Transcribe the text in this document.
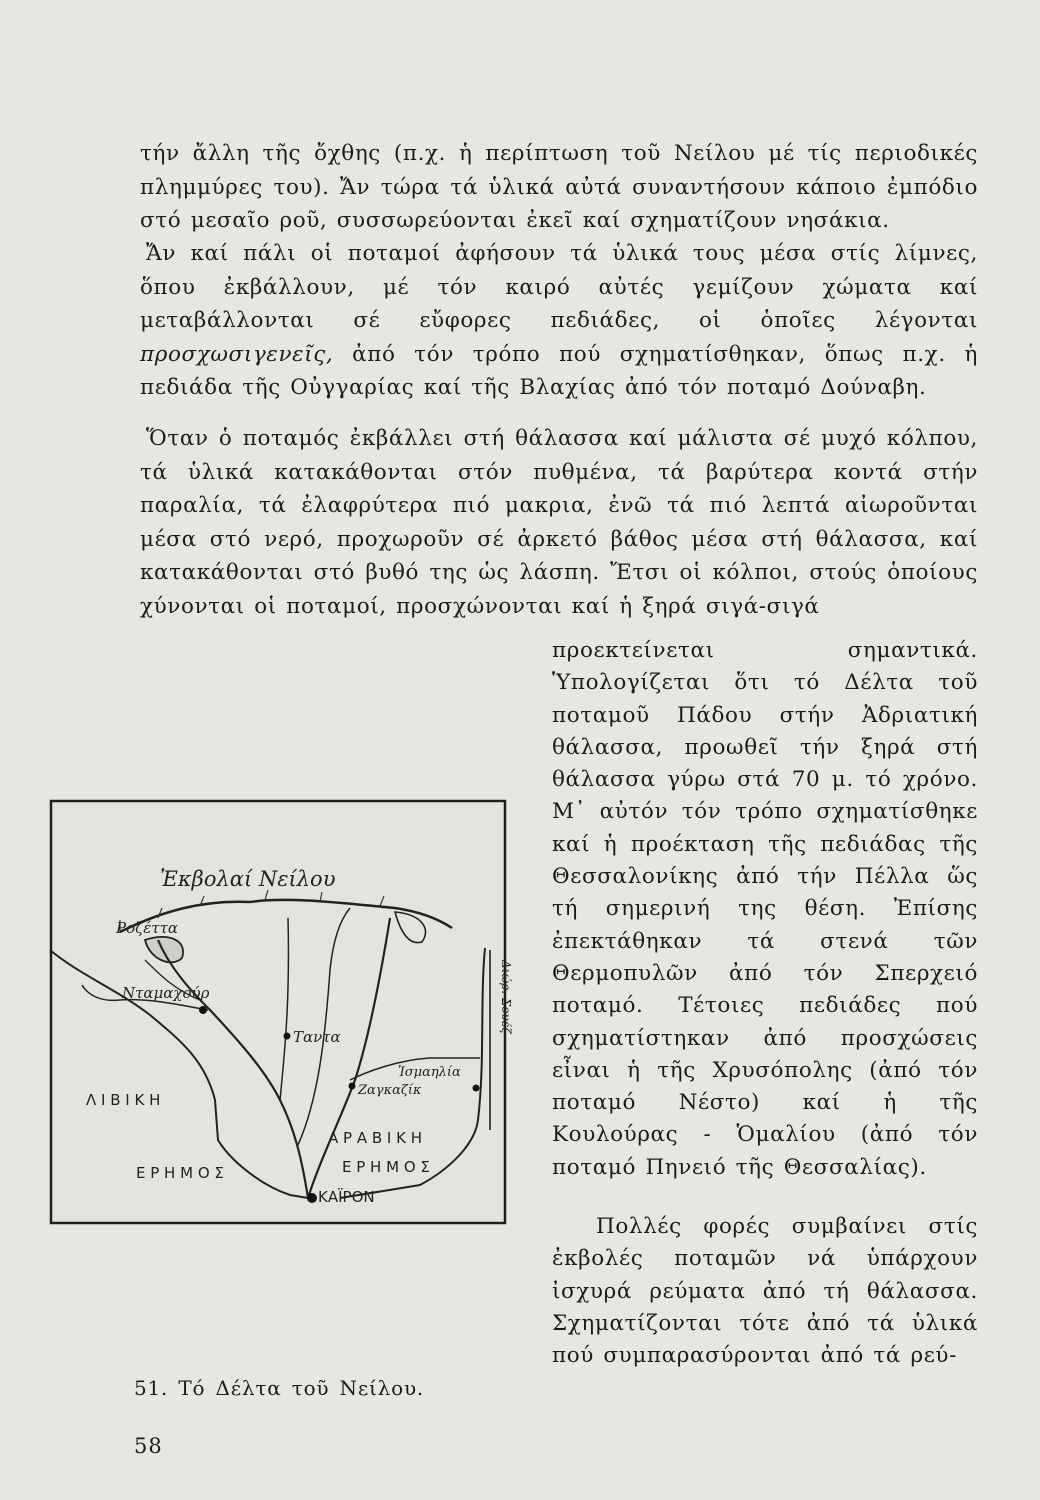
τήν ἄλλη τῆς ὄχθης (π.χ. ἡ περίπτωση τοῦ Νείλου μέ τίς περιοδικές πλημμύρες του). Ἄν τώρα τά ὑλικά αὐτά συναντήσουν κάποιο ἐμπόδιο στό μεσαῖο ροῦ, συσσωρεύονται ἐκεῖ καί σχηματίζουν νησάκια.
Ἄν καί πάλι οἱ ποταμοί ἀφήσουν τά ὑλικά τους μέσα στίς λίμνες, ὅπου ἐκβάλλουν, μέ τόν καιρό αὐτές γεμίζουν χώματα καί μεταβάλλονται σέ εὔφορες πεδιάδες, οἱ ὁποῖες λέγονται προσχωσιγενεῖς, ἀπό τόν τρόπο πού σχηματίσθηκαν, ὅπως π.χ. ἡ πεδιάδα τῆς Οὐγγαρίας καί τῆς Βλαχίας ἀπό τόν ποταμό Δούναβη.
Ὅταν ὁ ποταμός ἐκβάλλει στή θάλασσα καί μάλιστα σέ μυχό κόλπου, τά ὑλικά κατακάθονται στόν πυθμένα, τά βαρύτερα κοντά στήν παραλία, τά ἐλαφρύτερα πιό μακρια, ἐνῶ τά πιό λεπτά αἰωροῦνται μέσα στό νερό, προχωροῦν σέ ἀρκετό βάθος μέσα στή θάλασσα, καί κατακάθονται στό βυθό της ὡς λάσπη. Ἔτσι οἱ κόλποι, στούς ὁποίους χύνονται οἱ ποταμοί, προσχώνονται καί ἡ ξηρά σιγά-σιγά
προεκτείνεται σημαντικά. Ὑπολογίζεται ὅτι τό Δέλτα τοῦ ποταμοῦ Πάδου στήν Ἀδριατική θάλασσα, προωθεῖ τήν ξηρά στή θάλασσα γύρω στά 70 μ. τό χρόνο. Μ᾿ αὐτόν τόν τρόπο σχηματίσθηκε καί ἡ προέκταση τῆς πεδιάδας τῆς Θεσσαλονίκης ἀπό τήν Πέλλα ὥς τή σημερινή της θέση. Ἐπίσης ἐπεκτάθηκαν τά στενά τῶν Θερμοπυλῶν ἀπό τόν Σπερχειό ποταμό. Τέτοιες πεδιάδες πού σχηματίστηκαν ἀπό προσχώσεις εἶναι ἡ τῆς Χρυσόπολης (ἀπό τόν ποταμό Νέστο) καί ἡ τῆς Κουλούρας - Ὁμαλίου (ἀπό τόν ποταμό Πηνειό τῆς Θεσσαλίας).
Πολλές φορές συμβαίνει στίς ἐκβολές ποταμῶν νά ὑπάρχουν ἰσχυρά ρεύματα ἀπό τή θάλασσα. Σχηματίζονται τότε ἀπό τά ὑλικά πού συμπαρασύρονται ἀπό τά ρεύ-
Ἐκβολαί Νείλου
Ροζέττα
Νταμαχούρ
Ταντα
Ἰσμαηλία
Ζαγκαζίκ
Διώρ. Σουέζ
Λ Ι Β Ι Κ Η
Ε Ρ Η Μ Ο Σ
Α Ρ Α Β Ι Κ Η
Ε Ρ Η Μ Ο Σ
ΚΑΪΡΟΝ
51. Τό Δέλτα τοῦ Νείλου.
58
